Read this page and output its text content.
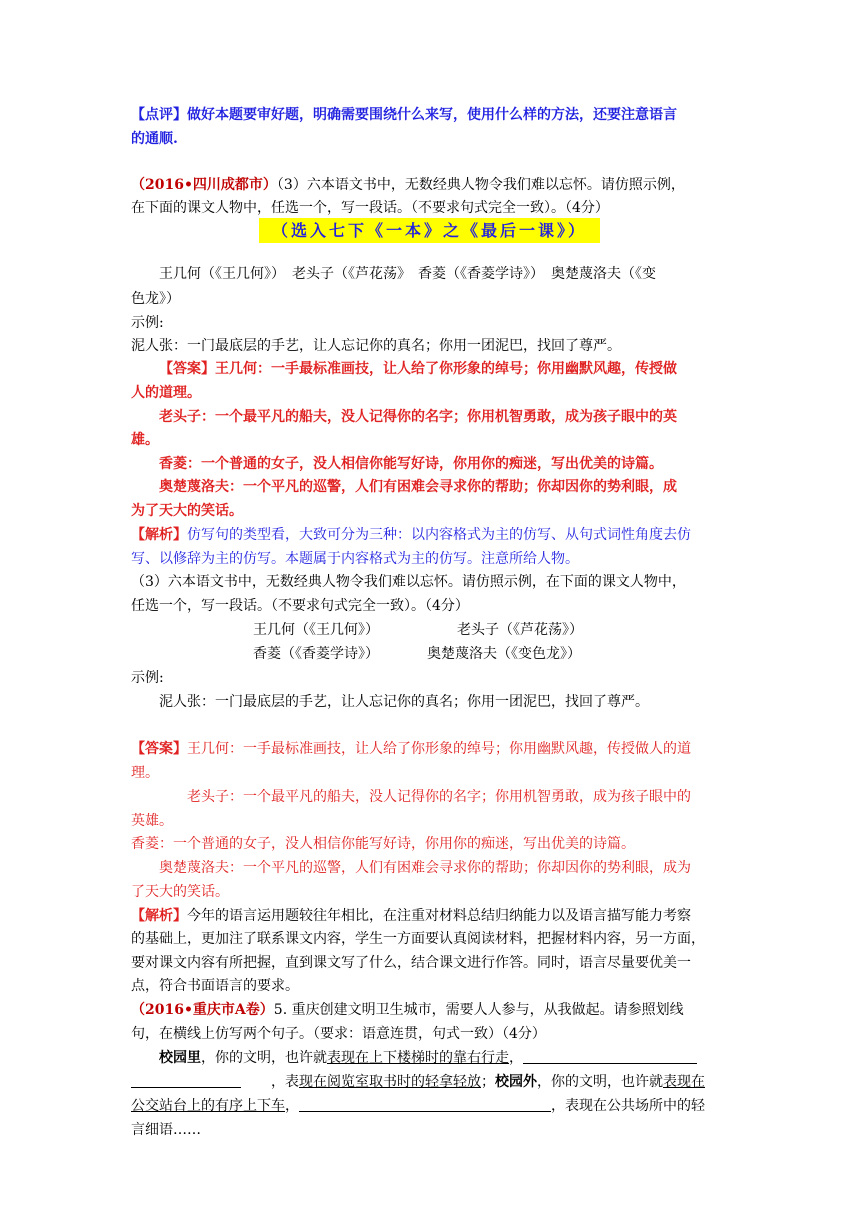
【点评】做好本题要审好题，明确需要围绕什么来写，使用什么样的方法，还要注意语言
的通顺.
（2016•四川成都市）（3）六本语文书中，无数经典人物令我们难以忘怀。请仿照示例，
在下面的课文人物中，任选一个，写一段话。（不要求句式完全一致）。（4分）
（选入七下《一本》之《最后一课》）
王几何（《王几何》）　老头子（《芦花荡》　香菱（《香菱学诗》）　奥楚蔑洛夫（《变
色龙》）
示例:
泥人张：一门最底层的手艺，让人忘记你的真名；你用一团泥巴，找回了尊严。
【答案】王几何：一手最标准画技，让人给了你形象的绰号；你用幽默风趣，传授做
人的道理。
老头子：一个最平凡的船夫，没人记得你的名字；你用机智勇敢，成为孩子眼中的英
雄。
香菱：一个普通的女子，没人相信你能写好诗，你用你的痴迷，写出优美的诗篇。
奥楚蔑洛夫：一个平凡的巡警，人们有困难会寻求你的帮助；你却因你的势利眼，成
为了天大的笑话。
【解析】仿写句的类型看，大致可分为三种：以内容格式为主的仿写、从句式词性角度去仿
写、以修辞为主的仿写。本题属于内容格式为主的仿写。注意所给人物。
（3）六本语文书中，无数经典人物令我们难以忘怀。请仿照示例，在下面的课文人物中，
任选一个，写一段话。（不要求句式完全一致）。（4分）
王几何（《王几何》）	老头子（《芦花荡》）
香菱（《香菱学诗》）	奥楚蔑洛夫（《变色龙》）
示例:
泥人张：一门最底层的手艺，让人忘记你的真名；你用一团泥巴，找回了尊严。
【答案】王几何：一手最标准画技，让人给了你形象的绰号；你用幽默风趣，传授做人的道
理。
老头子：一个最平凡的船夫，没人记得你的名字；你用机智勇敢，成为孩子眼中的
英雄。
香菱：一个普通的女子，没人相信你能写好诗，你用你的痴迷，写出优美的诗篇。
奥楚蔑洛夫：一个平凡的巡警，人们有困难会寻求你的帮助；你却因你的势利眼，成为
了天大的笑话。
【解析】今年的语言运用题较往年相比，在注重对材料总结归纳能力以及语言描写能力考察
的基础上，更加注了联系课文内容，学生一方面要认真阅读材料，把握材料内容，另一方面，
要对课文内容有所把握，直到课文写了什么，结合课文进行作答。同时，语言尽量要优美一
点，符合书面语言的要求。
（2016•重庆市A卷）5. 重庆创建文明卫生城市，需要人人参与，从我做起。请参照划线
句，在横线上仿写两个句子。（要求：语意连贯，句式一致）（4分）
校园里，你的文明，也许就表现在上下楼梯时的靠右行走，
，表现在阅览室取书时的轻拿轻放；校园外，你的文明，也许就表现在
公交站台上的有序上下车，	，表现在公共场所中的轻
言细语……
